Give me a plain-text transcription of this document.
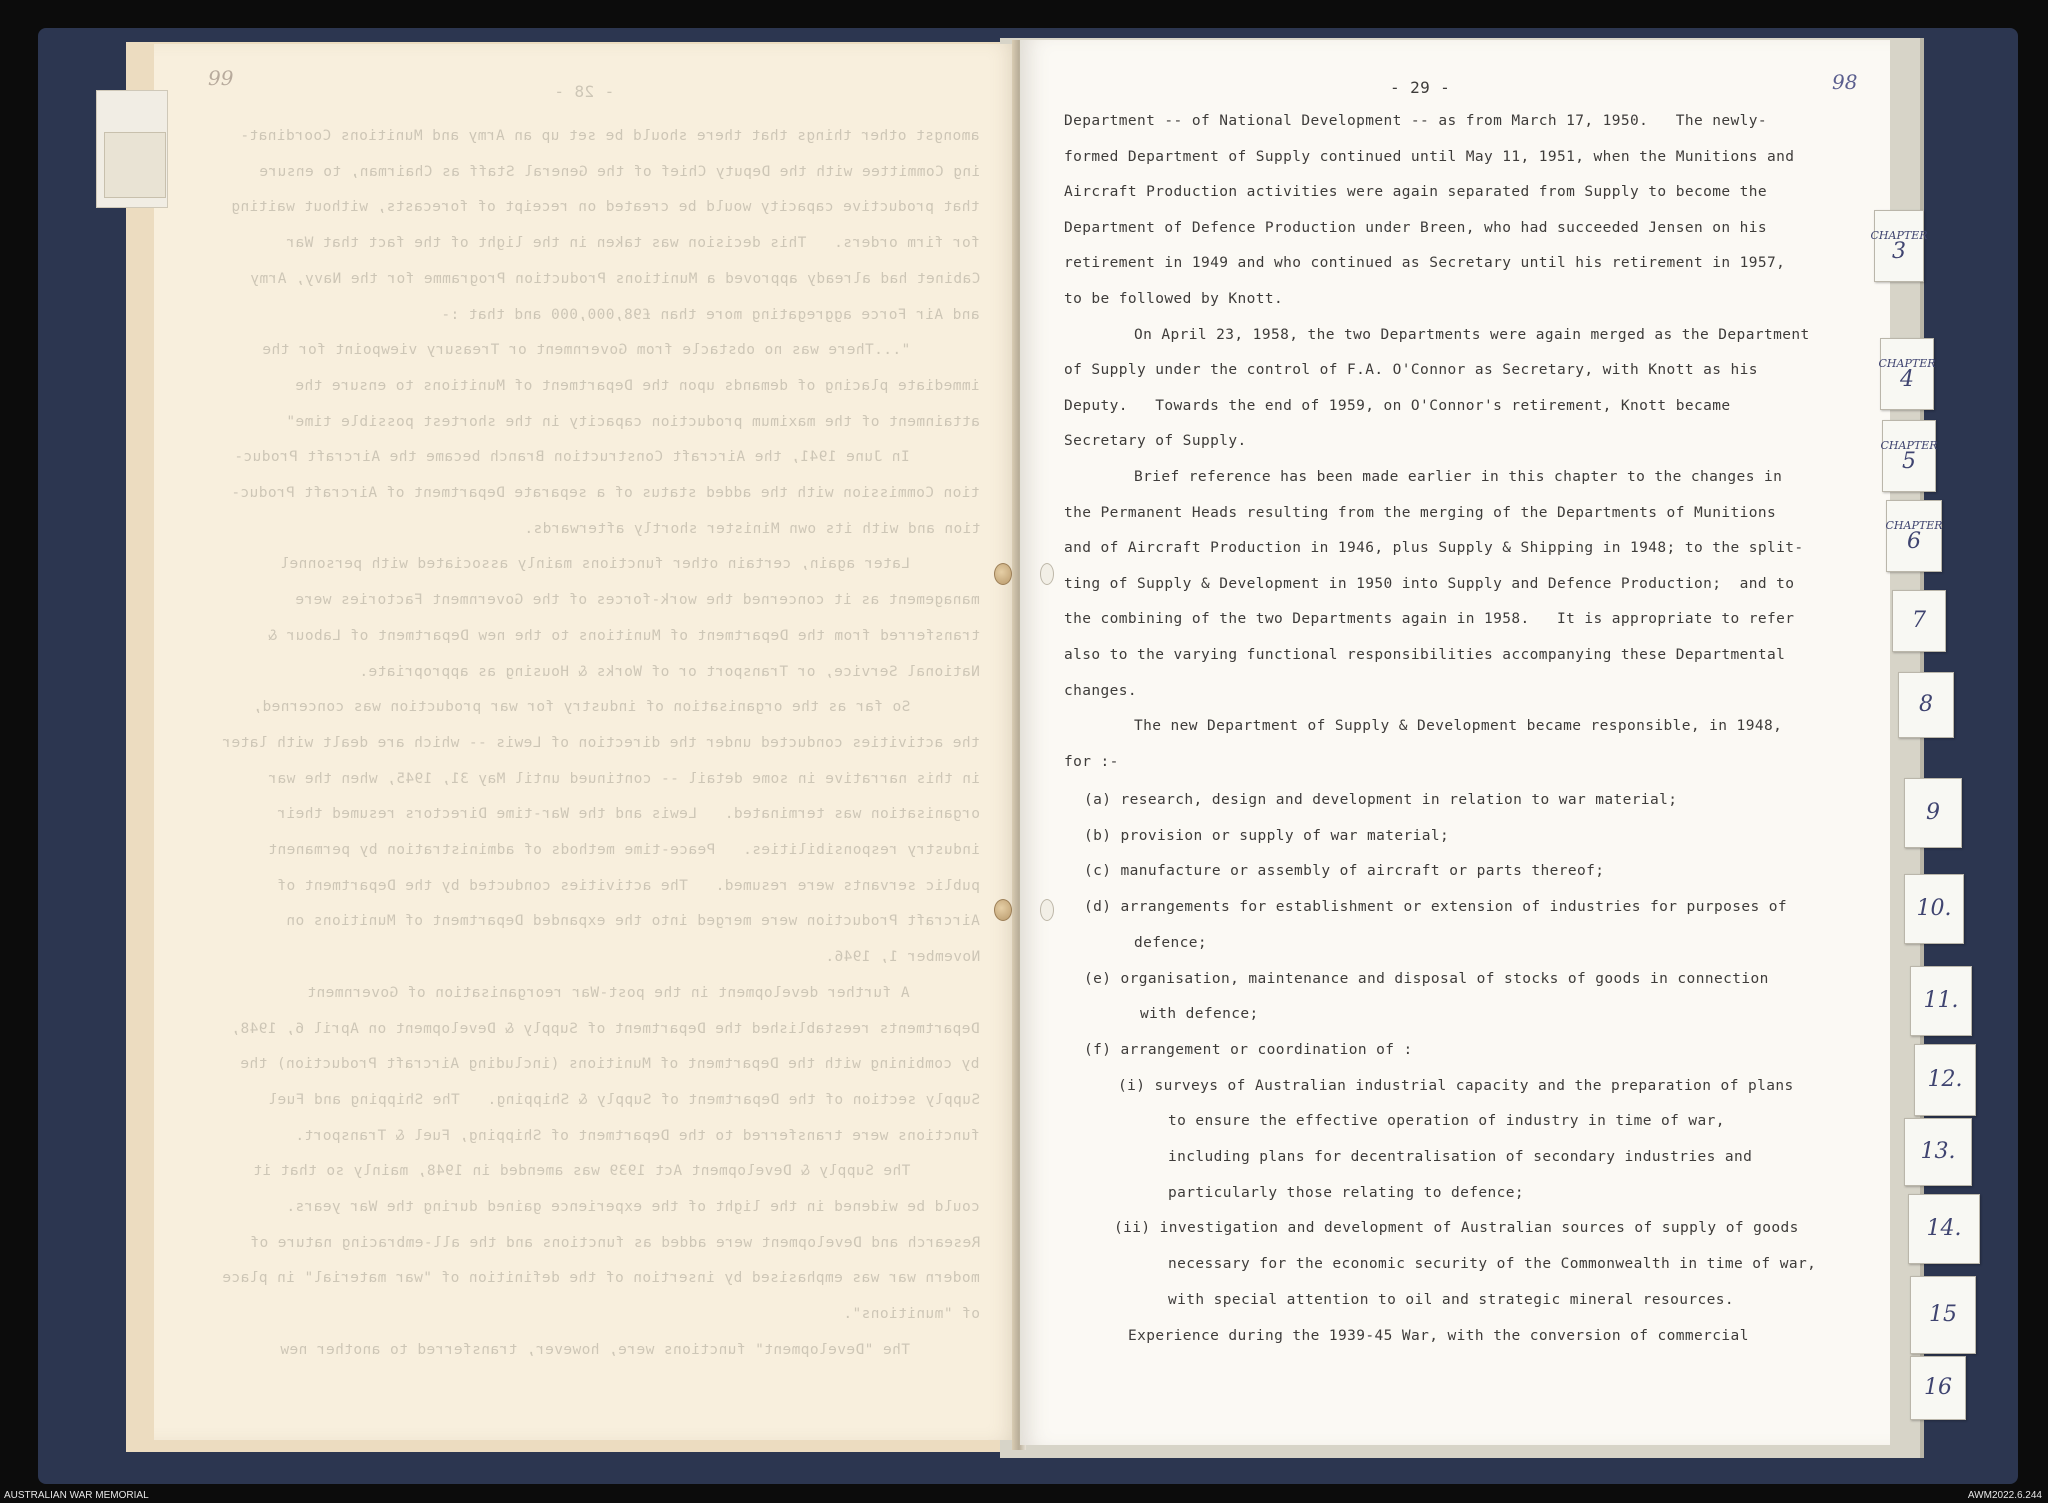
99
- 28 -
amongst other things that there should be set up an Army and Munitions Coordinat-
ing Committee with the Deputy Chief of the General Staff as Chairman, to ensure
that productive capacity would be created on receipt of forecasts, without waiting
for firm orders.   This decision was taken in the light of the fact that War
Cabinet had already approved a Munitions Production Programme for the Navy, Army
and Air Force aggregating more than £98,000,000 and that :-
"...There was no obstacle from Government or Treasury viewpoint for the
immediate placing of demands upon the Department of Munitions to ensure the
attainment of the maximum production capacity in the shortest possible time"
In June 1941, the Aircraft Construction Branch became the Aircraft Produc-
tion Commission with the added status of a separate Department of Aircraft Produc-
tion and with its own Minister shortly afterwards.
Later again, certain other functions mainly associated with personnel
management as it concerned the work-forces of the Government Factories were
transferred from the Department of Munitions to the new Department of Labour &
National Service, or Transport or of Works & Housing as appropriate.
So far as the organisation of industry for war production was concerned,
the activities conducted under the direction of Lewis -- which are dealt with later
in this narrative in some detail -- continued until May 31, 1945, when the war
organisation was terminated.   Lewis and the War-time Directors resumed their
industry responsibilities.   Peace-time methods of administration by permanent
public servants were resumed.   The activities conducted by the Department of
Aircraft Production were merged into the expanded Department of Munitions on
November 1, 1946.
A further development in the post-War reorganisation of Government
Departments reestablished the Department of Supply & Development on April 6, 1948,
by combining with the Department of Munitions (including Aircraft Production) the
Supply section of the Department of Supply & Shipping.   The Shipping and Fuel
functions were transferred to the Department of Shipping, Fuel & Transport.
The Supply & Development Act 1939 was amended in 1948, mainly so that it
could be widened in the light of the experience gained during the War years.
Research and Development were added as functions and the all-embracing nature of
modern war was emphasised by insertion of the definition of "war material" in place
of "munitions".
The "Development" functions were, however, transferred to another new
- 29 -	98
Department -- of National Development -- as from March 17, 1950.   The newly-
formed Department of Supply continued until May 11, 1951, when the Munitions and
Aircraft Production activities were again separated from Supply to become the
Department of Defence Production under Breen, who had succeeded Jensen on his
retirement in 1949 and who continued as Secretary until his retirement in 1957,
to be followed by Knott.
On April 23, 1958, the two Departments were again merged as the Department
of Supply under the control of F.A. O'Connor as Secretary, with Knott as his
Deputy.   Towards the end of 1959, on O'Connor's retirement, Knott became
Secretary of Supply.
Brief reference has been made earlier in this chapter to the changes in
the Permanent Heads resulting from the merging of the Departments of Munitions
and of Aircraft Production in 1946, plus Supply & Shipping in 1948; to the split-
ting of Supply & Development in 1950 into Supply and Defence Production;  and to
the combining of the two Departments again in 1958.   It is appropriate to refer
also to the varying functional responsibilities accompanying these Departmental
changes.
The new Department of Supply & Development became responsible, in 1948,
for :-
(a) research, design and development in relation to war material;
(b) provision or supply of war material;
(c) manufacture or assembly of aircraft or parts thereof;
(d) arrangements for establishment or extension of industries for purposes of
defence;
(e) organisation, maintenance and disposal of stocks of goods in connection
with defence;
(f) arrangement or coordination of :
(i) surveys of Australian industrial capacity and the preparation of plans
to ensure the effective operation of industry in time of war,
including plans for decentralisation of secondary industries and
particularly those relating to defence;
(ii) investigation and development of Australian sources of supply of goods
necessary for the economic security of the Commonwealth in time of war,
with special attention to oil and strategic mineral resources.
Experience during the 1939-45 War, with the conversion of commercial
CHAPTER
3
CHAPTER
4
CHAPTER
5
CHAPTER
6
7
8
9
10.
11.
12.
13.
14.
15
16
AUSTRALIAN WAR MEMORIAL	AWM2022.6.244
